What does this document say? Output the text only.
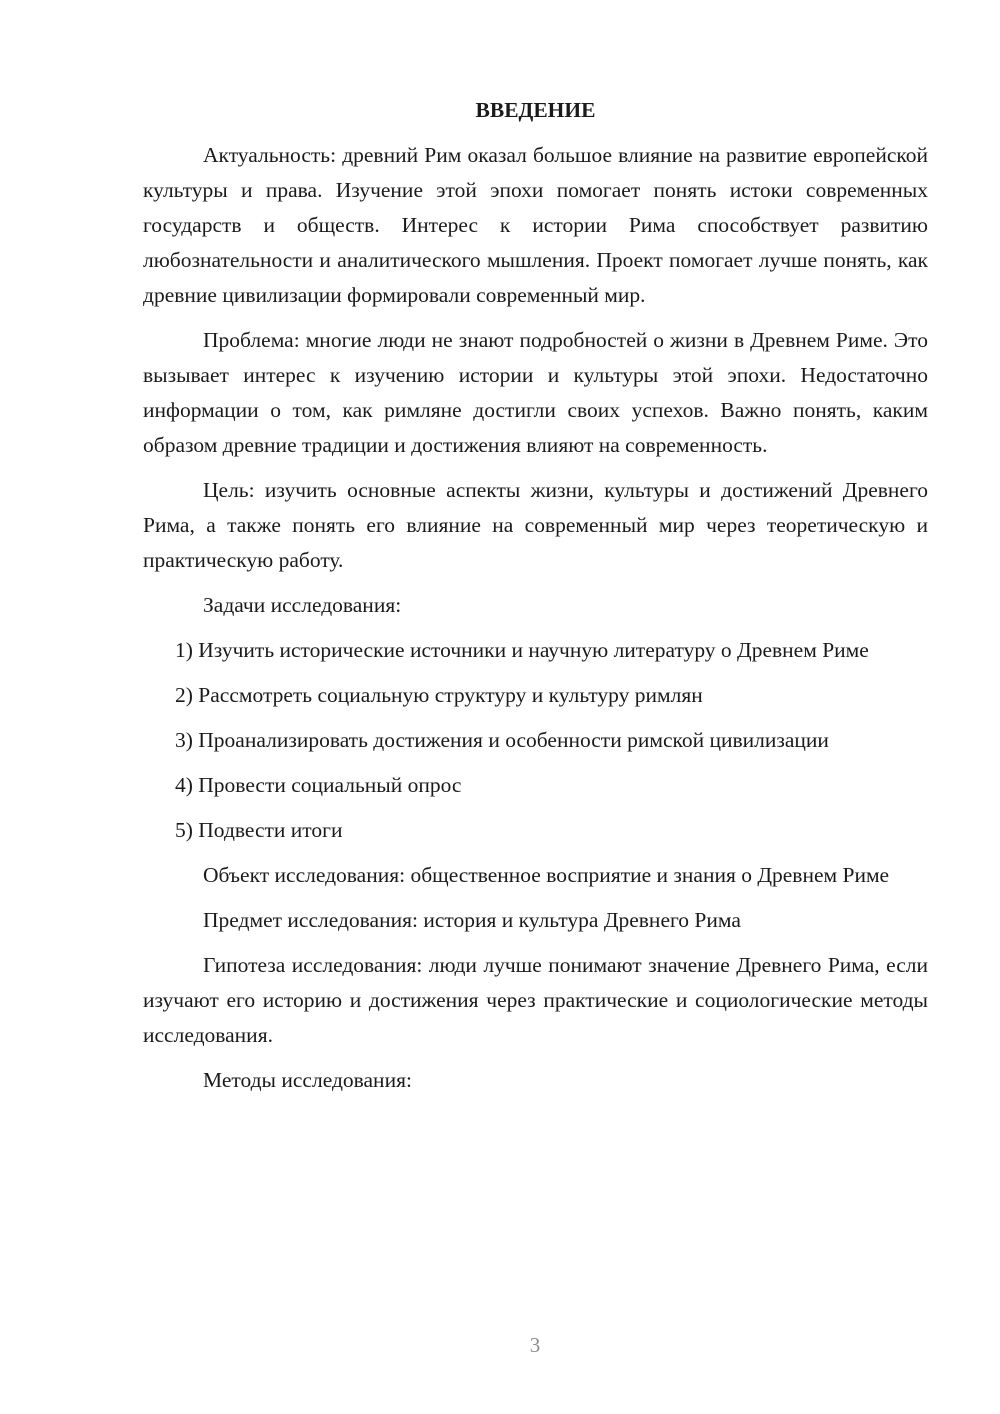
ВВЕДЕНИЕ

Актуальность: древний Рим оказал большое влияние на развитие европейской культуры и права. Изучение этой эпохи помогает понять истоки современных государств и обществ. Интерес к истории Рима способствует развитию любознательности и аналитического мышления. Проект помогает лучше понять, как древние цивилизации формировали современный мир.

Проблема: многие люди не знают подробностей о жизни в Древнем Риме. Это вызывает интерес к изучению истории и культуры этой эпохи. Недостаточно информации о том, как римляне достигли своих успехов. Важно понять, каким образом древние традиции и достижения влияют на современность.

Цель: изучить основные аспекты жизни, культуры и достижений Древнего Рима, а также понять его влияние на современный мир через теоретическую и практическую работу.

Задачи исследования:

1) Изучить исторические источники и научную литературу о Древнем Риме

2) Рассмотреть социальную структуру и культуру римлян

3) Проанализировать достижения и особенности римской цивилизации

4) Провести социальный опрос

5) Подвести итоги

Объект исследования: общественное восприятие и знания о Древнем Риме

Предмет исследования: история и культура Древнего Рима

Гипотеза исследования: люди лучше понимают значение Древнего Рима, если изучают его историю и достижения через практические и социологические методы исследования.

Методы исследования:

3
